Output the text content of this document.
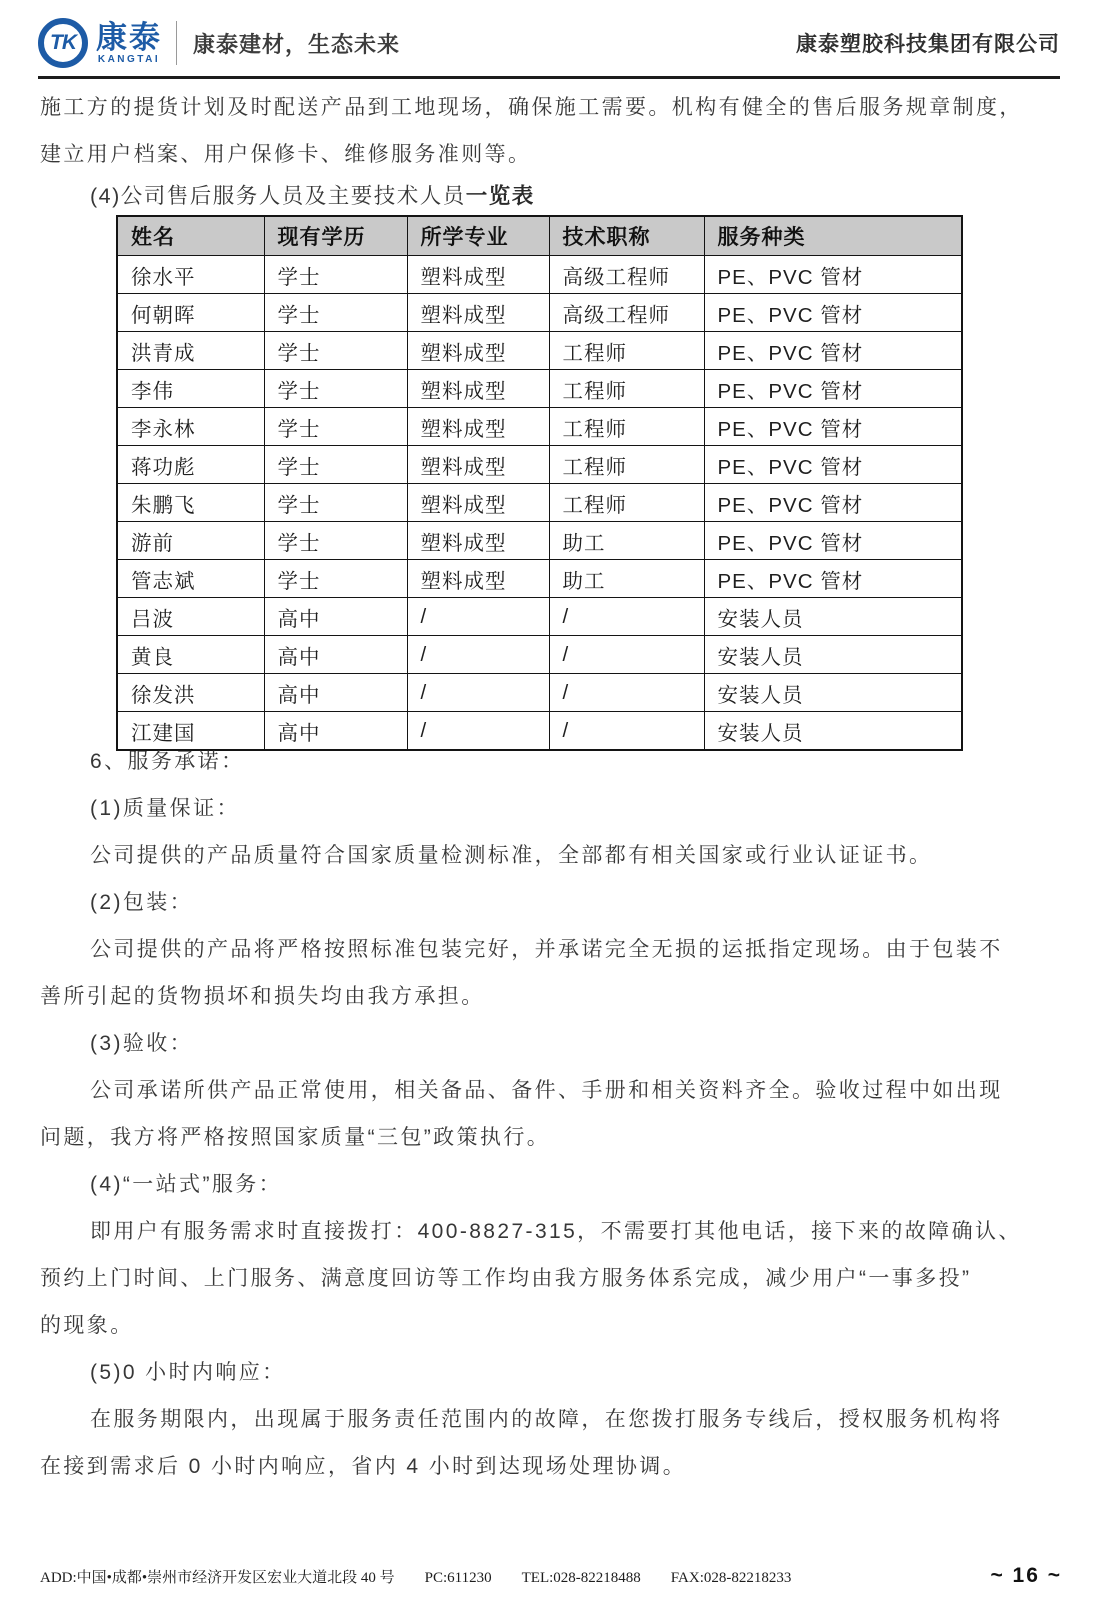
TK 康泰
KANGTAI
康泰建材，生态未来	康泰塑胶科技集团有限公司
施工方的提货计划及时配送产品到工地现场，确保施工需要。机构有健全的售后服务规章制度，
建立用户档案、用户保修卡、维修服务准则等。
(4)公司售后服务人员及主要技术人员一览表
姓名	现有学历	所学专业	技术职称	服务种类
徐水平	学士	塑料成型	高级工程师	PE、PVC 管材
何朝晖	学士	塑料成型	高级工程师	PE、PVC 管材
洪青成	学士	塑料成型	工程师	PE、PVC 管材
李伟	学士	塑料成型	工程师	PE、PVC 管材
李永林	学士	塑料成型	工程师	PE、PVC 管材
蒋功彪	学士	塑料成型	工程师	PE、PVC 管材
朱鹏飞	学士	塑料成型	工程师	PE、PVC 管材
游前	学士	塑料成型	助工	PE、PVC 管材
管志斌	学士	塑料成型	助工	PE、PVC 管材
吕波	高中	/	/	安装人员
黄良	高中	/	/	安装人员
徐发洪	高中	/	/	安装人员
江建国	高中	/	/	安装人员
6、服务承诺：
(1)质量保证：
公司提供的产品质量符合国家质量检测标准，全部都有相关国家或行业认证证书。
(2)包装：
公司提供的产品将严格按照标准包装完好，并承诺完全无损的运抵指定现场。由于包装不
善所引起的货物损坏和损失均由我方承担。
(3)验收：
公司承诺所供产品正常使用，相关备品、备件、手册和相关资料齐全。验收过程中如出现
问题，我方将严格按照国家质量“三包”政策执行。
(4)“一站式”服务：
即用户有服务需求时直接拨打：400-8827-315，不需要打其他电话，接下来的故障确认、
预约上门时间、上门服务、满意度回访等工作均由我方服务体系完成，减少用户“一事多投”
的现象。
(5)0 小时内响应：
在服务期限内，出现属于服务责任范围内的故障，在您拨打服务专线后，授权服务机构将
在接到需求后 0 小时内响应，省内 4 小时到达现场处理协调。
ADD:中国•成都•崇州市经济开发区宏业大道北段 40 号 PC:611230 TEL:028-82218488 FAX:028-82218233	~ 16 ~
